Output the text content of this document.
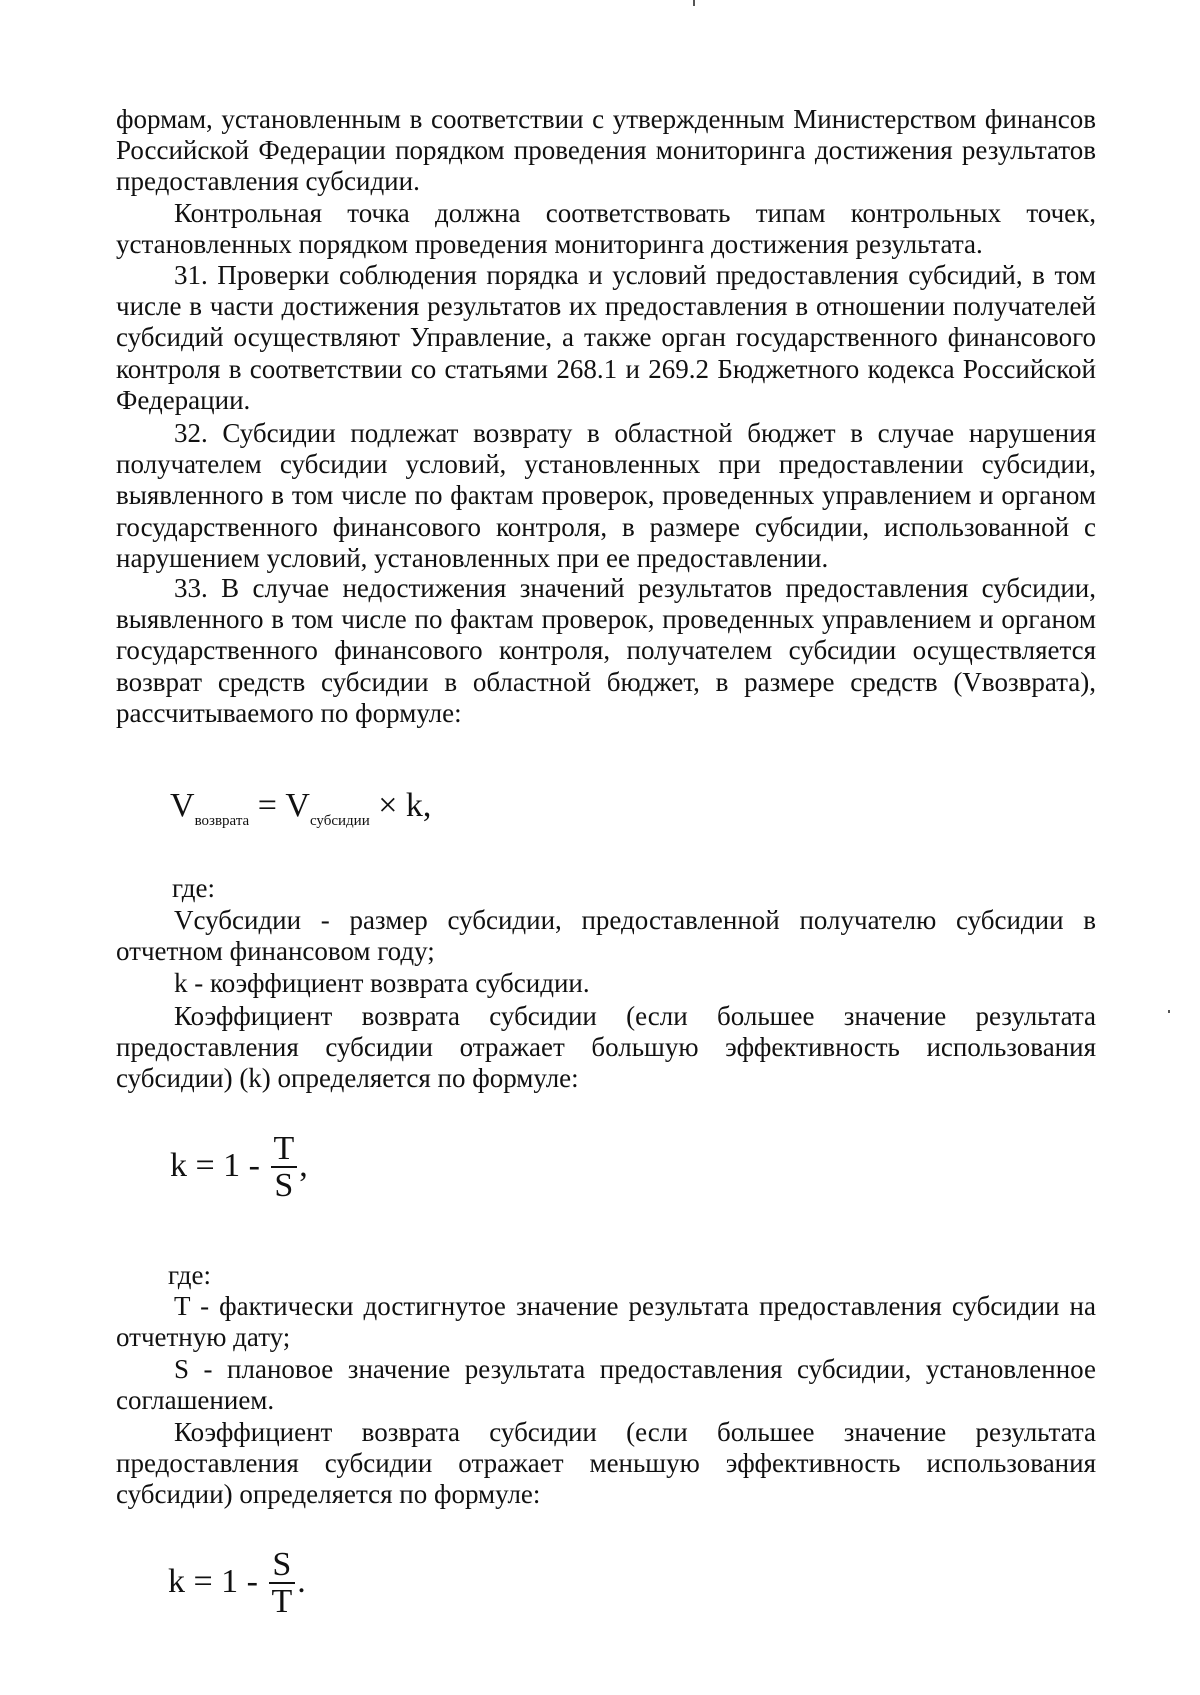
формам, установленным в соответствии с утвержденным Министерством финансов Российской Федерации порядком проведения мониторинга достижения результатов предоставления субсидии.

Контрольная точка должна соответствовать типам контрольных точек, установленных порядком проведения мониторинга достижения результата.

31. Проверки соблюдения порядка и условий предоставления субсидий, в том числе в части достижения результатов их предоставления в отношении получателей субсидий осуществляют Управление, а также орган государственного финансового контроля в соответствии со статьями 268.1 и 269.2 Бюджетного кодекса Российской Федерации.

32. Субсидии подлежат возврату в областной бюджет в случае нарушения получателем субсидии условий, установленных при предоставлении субсидии, выявленного в том числе по фактам проверок, проведенных управлением и органом государственного финансового контроля, в размере субсидии, использованной с нарушением условий, установленных при ее предоставлении.

33. В случае недостижения значений результатов предоставления субсидии, выявленного в том числе по фактам проверок, проведенных управлением и органом государственного финансового контроля, получателем субсидии осуществляется возврат средств субсидии в областной бюджет, в размере средств (Vвозврата), рассчитываемого по формуле:

$V_{возврата} = V_{субсидии} \times k$,

где:

Vсубсидии - размер субсидии, предоставленной получателю субсидии в отчетном финансовом году;

k - коэффициент возврата субсидии.

Коэффициент возврата субсидии (если большее значение результата предоставления субсидии отражает большую эффективность использования субсидии) (k) определяется по формуле:

$k = 1 - \frac{T}{S}$ ,

где:

T - фактически достигнутое значение результата предоставления субсидии на отчетную дату;

S - плановое значение результата предоставления субсидии, установленное соглашением.

Коэффициент возврата субсидии (если большее значение результата предоставления субсидии отражает меньшую эффективность использования субсидии) определяется по формуле:

$k = 1 - \frac{S}{T}$ .
